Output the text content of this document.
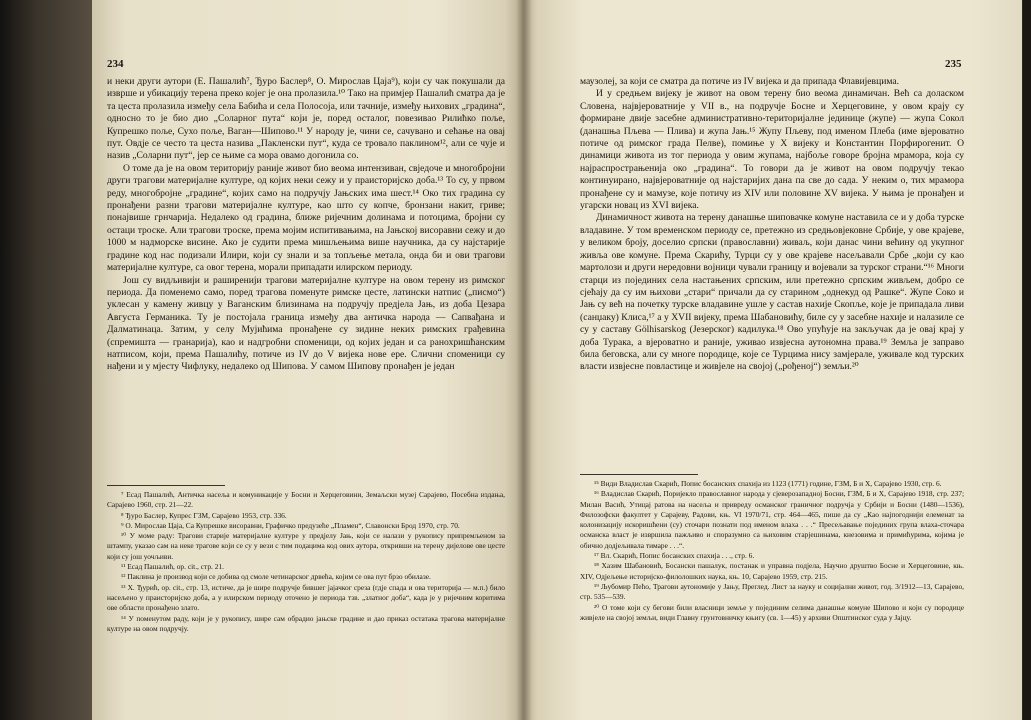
234

и неки други аутори (Е. Пашалић⁷, Ђуро Баслер⁸, О. Мирослав Цаја⁹), који су чак покушали да изврше и убикацију терена преко којег је она пролазила.¹⁰ Тако на примјер Пашалић сматра да је та цеста пролазила између села Бабића и села Полосоја, или тачније, између њихових „градина“, односно то је био дио „Соларног пута“ који је, поред осталог, повезивао Рилићко поље, Купрешко поље, Сухо поље, Ваган—Шипово.¹¹ У народу је, чини се, сачувано и сећање на овај пут. Овдје се често та цеста назива „Пакленски пут“, куда се тровало паклином¹², али се чује и назив „Соларни пут“, јер се њиме са мора овамо догонила со.

О томе да је на овом територију раније живот био веома интензиван, свједоче и многобројни други трагови материјалне културе, од којих неки сежу и у праисторијско доба.¹³ То су, у првом реду, многобројне „градине“, којих само на подручју Јањских има шест.¹⁴ Око тих градина су пронађени разни трагови материјалне културе, као што су копче, бронзани накит, гриве; понајвише грнчарија. Недалеко од градина, ближе ријечним долинама и потоцима, бројни су остаци троске. Али трагови троске, према мојим испитивањима, на Јањској висоравни сежу и до 1000 м надморске висине. Ако је судити према мишљењима више научника, да су најстарије градине код нас подизали Илири, који су знали и за топљење метала, онда би и ови трагови материјалне културе, са овог терена, морали припадати илирском периоду.

Још су видљивији и раширенији трагови материјалне културе на овом терену из римског периода. Да поменемо само, поред трагова поменуте римске цесте, латински натпис („писмо“) уклесан у камену живцу у Ваганским близинама на подручју предјела Јањ, из доба Цезара Августа Германика. Ту је постојала граница између два античка народа — Сапвађана и Далматинаца. Затим, у селу Мујићима пронађене су зидине неких римских грађевина (спремишта — гранарија), као и надгробни споменици, од којих један и са ранохришћанским натписом, који, према Пашалићу, потиче из IV до V вијека нове ере. Слични споменици су нађени и у мјесту Чифлуку, недалеко од Шипова. У самом Шипову пронађен је један

⁷ Есад Пашалић, Античка насеља и комуникације у Босни и Херцеговини, Земаљски музеј Сарајево, Посебна издања, Сарајево 1960, стр. 21—22.

⁸ Ђуро Баслер, Купрес ГЗМ, Сарајево 1953, стр. 336.

⁹ О. Мирослав Цаја, Са Купрешке висоравни, Графичко предузеће „Пламен“, Славонски Брод 1970, стр. 70.

¹⁰ У моме раду: Трагови старије материјалне културе у предјелу Јањ, који се налази у рукопису припремљеном за штампу, указао сам на неке трагове који се су у вези с тим подацима код ових аутора, откривши на терену дијелове ове цесте који су још уочљиви.

¹¹ Есад Пашалић, op. cit., стр. 21.

¹² Паклина је производ који се добива од смоле четинарског дрвећа, којим се ова пут брзо обилазе.

¹³ Х. Ђурић, op. cit., стр. 13, истиче, да је шире подручје бившег јајачког среза (гдје спада и ова територија — м.п.) било насељено у праисторијско доба, а у илирском периоду оточено је периода тзв. „златног доба“, када је у ријечним коритима ове области пронађено злато.

¹⁴ У поменутом раду, који је у рукопису, шире сам обрадио јањске градине и дао приказ остатака трагова материјалне културе на овом подручју.

235

маузолеј, за који се сматра да потиче из IV вијека и да припада Флавијевцима.

И у средњем вијеку је живот на овом терену био веома динамичан. Већ са доласком Словена, највјероватније у VII в., на подручје Босне и Херцеговине, у овом крају су формиране двије засебне административно-територијалне јединице (жупе) — жупа Сокол (данашња Пљева — Плива) и жупа Јањ.¹⁵ Жупу Пљеву, под именом Плеба (име вјероватно потиче од римског града Пелве), помиње у X вијеку и Константин Порфирогенит. О динамици живота из тог периода у овим жупама, најбоље говоре бројна мрамора, која су најраспрострањенија око „градина“. То говори да је живот на овом подручју текао континуирано, највјероватније од најстаријих дана па све до сада. У неким о, тих мрамора пронађене су и мамузе, које потичу из XIV или половине XV вијека. У њима је пронађен и угарски новац из XVI вијека.

Динамичност живота на терену данашње шиповачке комуне наставила се и у доба турске владавине. У том временском периоду се, претежно из средњовјековне Србије, у ове крајеве, у великом броју, доселио српски (православни) живаљ, који данас чини већину од укупног живља ове комуне. Према Скарићу, Турци су у ове крајеве насељавали Србе „који су као мартолози и други нередовни војници чували границу и војевали за турског страни.“¹⁶ Многи старци из појединих села настањених српским, или претежно српским живљем, добро се сјећају да су им њихови „стари“ причали да су старином „однекуд од Рашке“. Жупе Соко и Јањ су већ на почетку турске владавине ушле у састав нахије Скопље, које је припадала ливи (санџаку) Клиса,¹⁷ а у XVII вијеку, према Шабановићу, биле су у засебне нахије и налазиле се су у саставу Gölhisarskog (Језерског) кадилука.¹⁸ Ово упућује на закључак да је овај крај у доба Турака, а вјероватно и раније, уживао извјесна аутономна права.¹⁹ Земља је заправо била беговска, али су многе породице, које се Турцима нису замјерале, уживале код турских власти извјесне повластице и живјеле на својој („рођеној“) земљи.²⁰

¹⁵ Види Владислав Скарић, Попис босанских спахија из 1123 (1771) године, ГЗМ, Б и Х, Сарајево 1930, стр. 6.

¹⁶ Владислав Скарић, Поријекло православног народа у сјеверозападној Босни, ГЗМ, Б и Х, Сарајево 1918, стр. 237; Милан Васић, Утицај ратова на насеља и привреду османског граничног подручја у Србији и Босни (1480—1536), Филозофски факултет у Сарајеву, Радови, књ. VI 1970/71, стр. 464—465, пише да су „Као најпогоднији елеменат за колонизацију искоришћени (су) сточари познати под именом влаха . . .“ Пресељавање појединих група влаха-сточара османска власт је извршила пажљиво и споразумно са њиховим старјешинама, кнезовима и примићурима, којима је обично додјељивала тимаре . . .“.

¹⁷ Вл. Скарић, Попис босанских спахија . . ., стр. 6.

¹⁸ Хазим Шабановић, Босански пашалук, постанак и управна подјела, Научно друштво Босне и Херцеговине, књ. XIV, Одјељење историјско-филолошких наука, књ. 10, Сарајево 1959, стр. 215.

¹⁹ Љубомир Пећо, Трагови аутономије у Јању, Преглед. Лист за науку и социјални живот, год. 3/1912—13, Сарајево, стр. 535—539.

²⁰ О томе који су бегови били власници земље у појединим селима данашње комуне Шипово и који су породице живјеле на својој земљи, види Главну грунтовничку књигу (св. 1—45) у архиви Општинског суда у Јајцу.
